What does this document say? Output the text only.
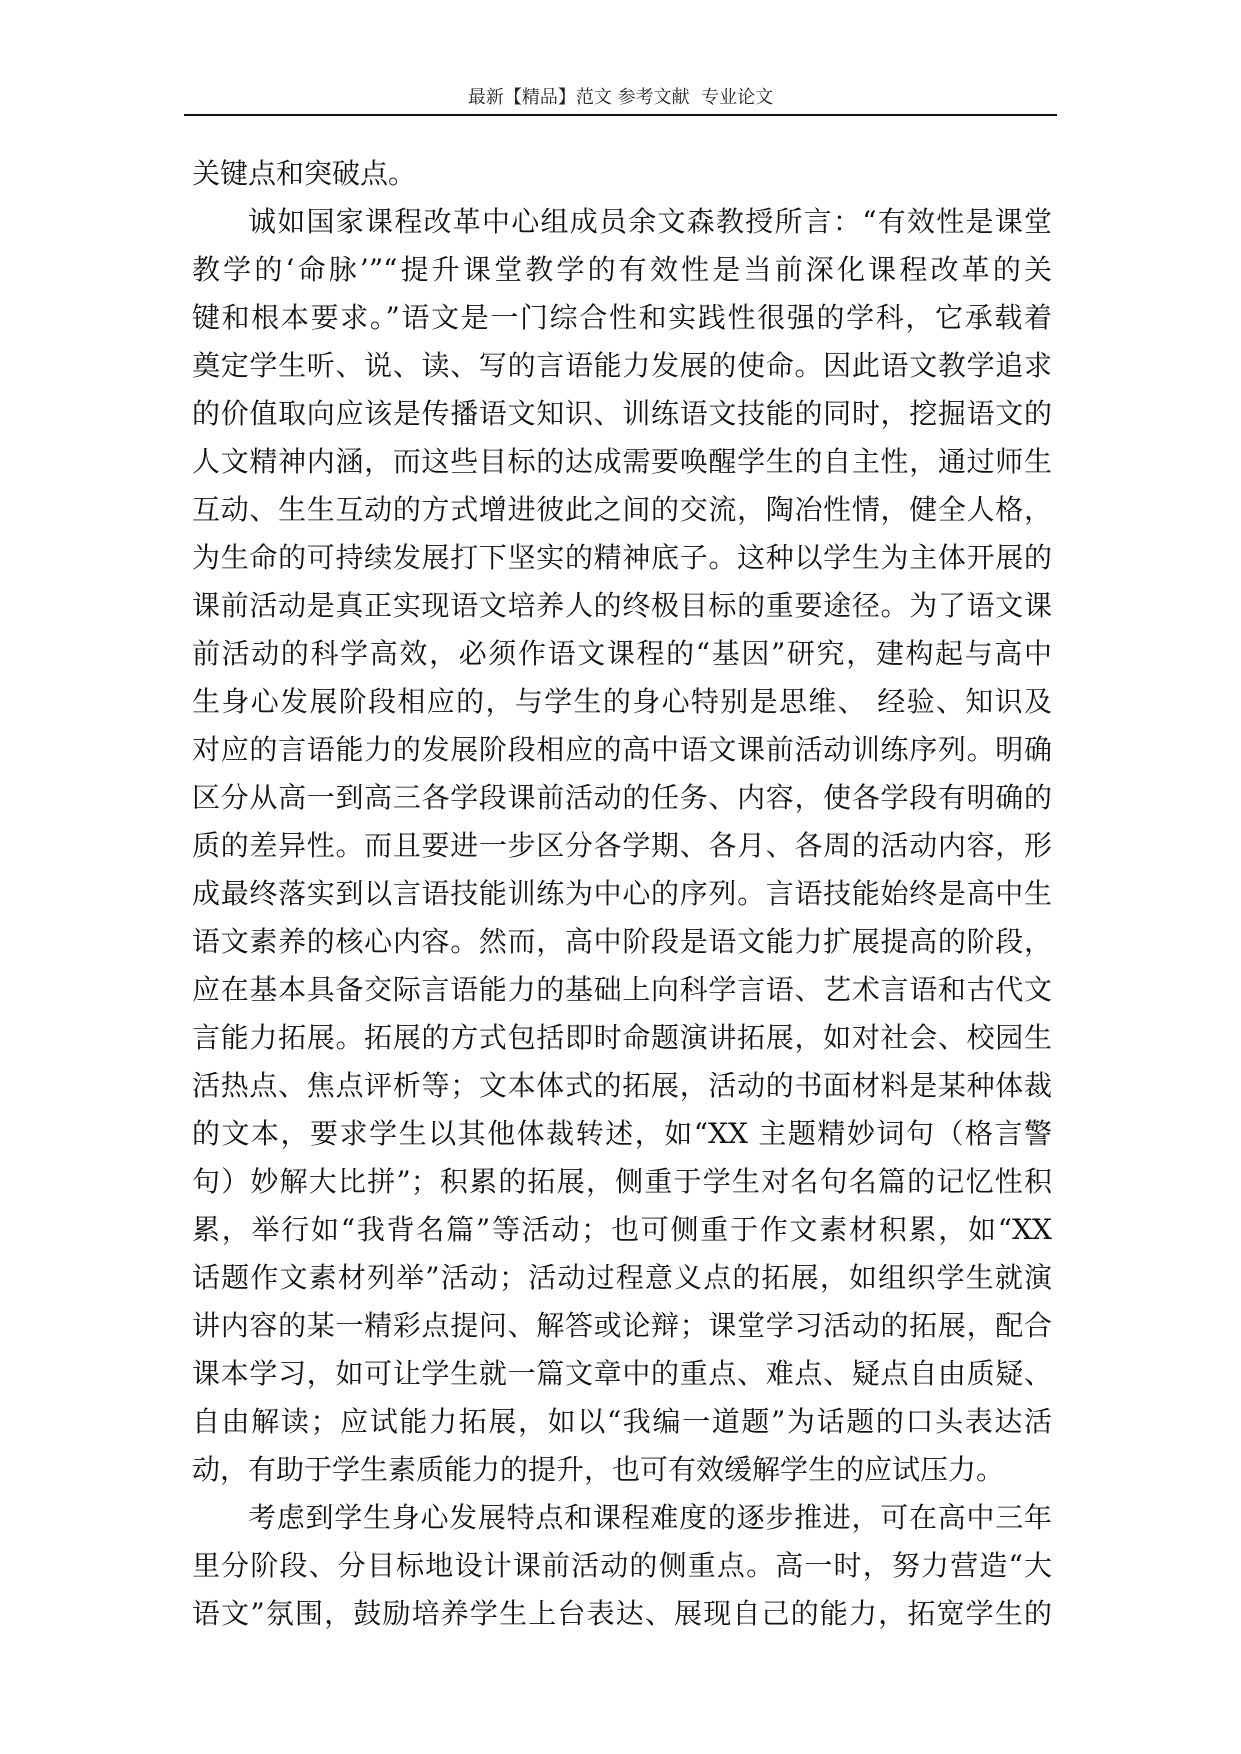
最新【精品】范文 参考文献  专业论文
关键点和突破点。
诚如国家课程改革中心组成员余文森教授所言：“有效性是课堂
教学的‘命脉’”“提升课堂教学的有效性是当前深化课程改革的关
键和根本要求。”语文是一门综合性和实践性很强的学科，它承载着
奠定学生听、说、读、写的言语能力发展的使命。因此语文教学追求
的价值取向应该是传播语文知识、训练语文技能的同时，挖掘语文的
人文精神内涵，而这些目标的达成需要唤醒学生的自主性，通过师生
互动、生生互动的方式增进彼此之间的交流，陶冶性情，健全人格，
为生命的可持续发展打下坚实的精神底子。这种以学生为主体开展的
课前活动是真正实现语文培养人的终极目标的重要途径。为了语文课
前活动的科学高效，必须作语文课程的“基因”研究，建构起与高中
生身心发展阶段相应的，与学生的身心特别是思维、 经验、知识及
对应的言语能力的发展阶段相应的高中语文课前活动训练序列。明确
区分从高一到高三各学段课前活动的任务、内容，使各学段有明确的
质的差异性。而且要进一步区分各学期、各月、各周的活动内容，形
成最终落实到以言语技能训练为中心的序列。言语技能始终是高中生
语文素养的核心内容。然而，高中阶段是语文能力扩展提高的阶段，
应在基本具备交际言语能力的基础上向科学言语、艺术言语和古代文
言能力拓展。拓展的方式包括即时命题演讲拓展，如对社会、校园生
活热点、焦点评析等；文本体式的拓展，活动的书面材料是某种体裁
的文本，要求学生以其他体裁转述，如“XX 主题精妙词句（格言警
句）妙解大比拼”；积累的拓展，侧重于学生对名句名篇的记忆性积
累，举行如“我背名篇”等活动；也可侧重于作文素材积累，如“XX
话题作文素材列举”活动；活动过程意义点的拓展，如组织学生就演
讲内容的某一精彩点提问、解答或论辩；课堂学习活动的拓展，配合
课本学习，如可让学生就一篇文章中的重点、难点、疑点自由质疑、
自由解读；应试能力拓展，如以“我编一道题”为话题的口头表达活
动，有助于学生素质能力的提升，也可有效缓解学生的应试压力。
考虑到学生身心发展特点和课程难度的逐步推进，可在高中三年
里分阶段、分目标地设计课前活动的侧重点。高一时，努力营造“大
语文”氛围，鼓励培养学生上台表达、展现自己的能力，拓宽学生的
